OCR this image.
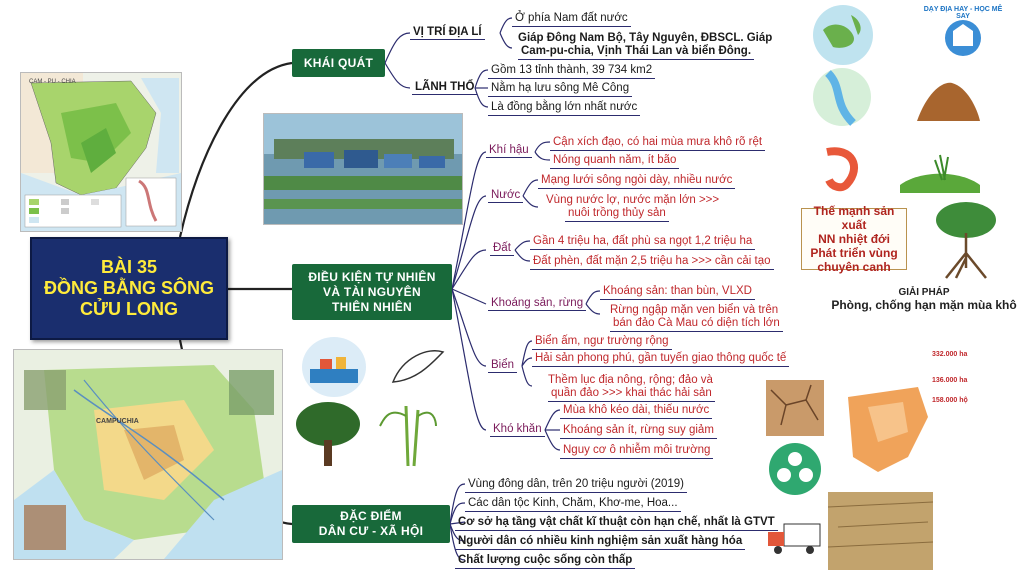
BÀI 35
ĐỒNG BẰNG SÔNG
CỬU LONG
KHÁI QUÁT
ĐIỀU KIỆN TỰ NHIÊN
VÀ TÀI NGUYÊN
THIÊN NHIÊN
ĐẶC ĐIỂM
DÂN CƯ - XÃ HỘI
VỊ TRÍ ĐỊA LÍ
Ở phía Nam đất nước
Giáp Đông Nam Bộ, Tây Nguyên, ĐBSCL. Giáp
Cam-pu-chia, Vịnh Thái Lan và biển Đông.
LÃNH THỔ
Gồm 13 tỉnh thành, 39 734 km2
Nằm hạ lưu sông Mê Công
Là đồng bằng lớn nhất nước
Khí hậu
Cận xích đạo, có hai mùa mưa khô rõ rệt
Nóng quanh năm, ít bão
Nước
Mạng lưới sông ngòi dày, nhiều nước
Vùng nước lợ, nước mặn lớn >>>
nuôi trồng thủy sản
Đất
Gần 4 triệu ha, đất phù sa ngọt 1,2 triệu ha
Đất phèn, đất mặn 2,5 triệu ha >>> cần cải tạo
Khoáng sản, rừng
Khoáng sản: than bùn, VLXD
Rừng ngập mặn ven biển và trên
bán đảo Cà Mau có diện tích lớn
Biển
Biển ấm, ngư trường rộng
Hải sản phong phú, gần tuyến giao thông quốc tế
Thềm lục địa nông, rộng; đảo và
quần đảo >>> khai thác hải sản
Khó khăn
Mùa khô kéo dài, thiếu nước
Khoáng sản ít, rừng suy giảm
Nguy cơ ô nhiễm môi trường
Vùng đông dân, trên 20 triệu người (2019)
Các dân tộc Kinh, Chăm, Khơ-me, Hoa...
Cơ sở hạ tầng vật chất kĩ thuật còn hạn chế, nhất là GTVT
Người dân có nhiều kinh nghiệm sản xuất hàng hóa
Chất lượng cuộc sống còn thấp
Thế mạnh sản xuất
NN nhiệt đới
Phát triển vùng
chuyên canh
CAM - PU - CHIA
CAMPUCHIA
DẠY ĐỊA HAY - HỌC MÊ SAY
GIẢI PHÁP
Phòng, chống hạn mặn mùa khô
332.000 ha
136.000 ha
158.000 hộ
